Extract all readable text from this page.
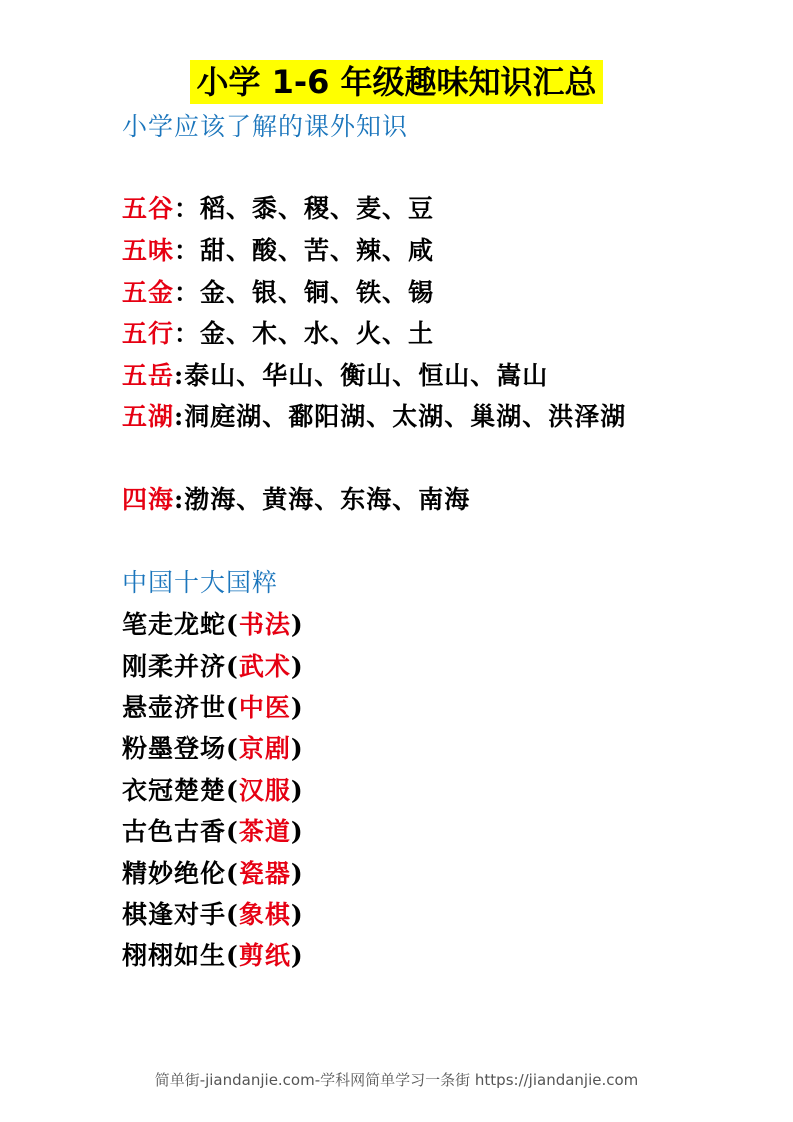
小学 1-6 年级趣味知识汇总
小学应该了解的课外知识
五谷：稻、黍、稷、麦、豆
五味：甜、酸、苦、辣、咸
五金：金、银、铜、铁、锡
五行：金、木、水、火、土
五岳:泰山、华山、衡山、恒山、嵩山
五湖:洞庭湖、鄱阳湖、太湖、巢湖、洪泽湖
四海:渤海、黄海、东海、南海
中国十大国粹
笔走龙蛇(书法)
刚柔并济(武术)
悬壶济世(中医)
粉墨登场(京剧)
衣冠楚楚(汉服)
古色古香(茶道)
精妙绝伦(瓷器)
棋逢对手(象棋)
栩栩如生(剪纸)
简单街-jiandanjie.com-学科网简单学习一条街 https://jiandanjie.com
